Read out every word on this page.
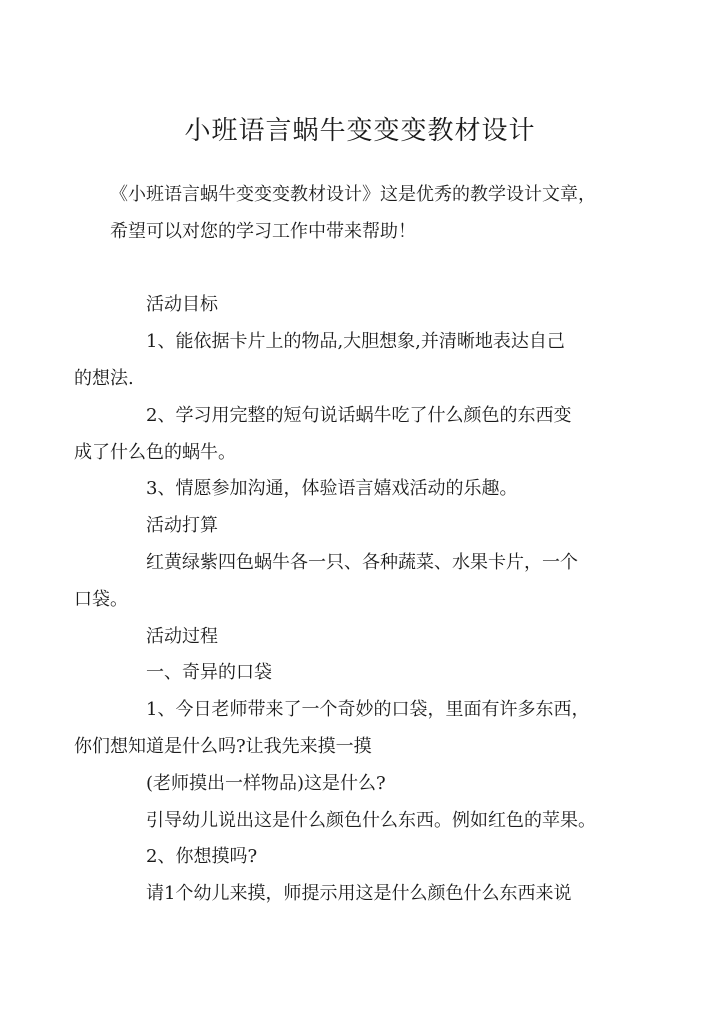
小班语言蜗牛变变变教材设计
《小班语言蜗牛变变变教材设计》这是优秀的教学设计文章，
希望可以对您的学习工作中带来帮助！
活动目标
1、能依据卡片上的物品,大胆想象,并清晰地表达自己
的想法.
2、学习用完整的短句说话蜗牛吃了什么颜色的东西变
成了什么色的蜗牛。
3、情愿参加沟通，体验语言嬉戏活动的乐趣。
活动打算
红黄绿紫四色蜗牛各一只、各种蔬菜、水果卡片，一个
口袋。
活动过程
一、奇异的口袋
1、今日老师带来了一个奇妙的口袋，里面有许多东西，
你们想知道是什么吗?让我先来摸一摸
(老师摸出一样物品)这是什么?
引导幼儿说出这是什么颜色什么东西。例如红色的苹果。
2、你想摸吗?
请1个幼儿来摸，师提示用这是什么颜色什么东西来说
